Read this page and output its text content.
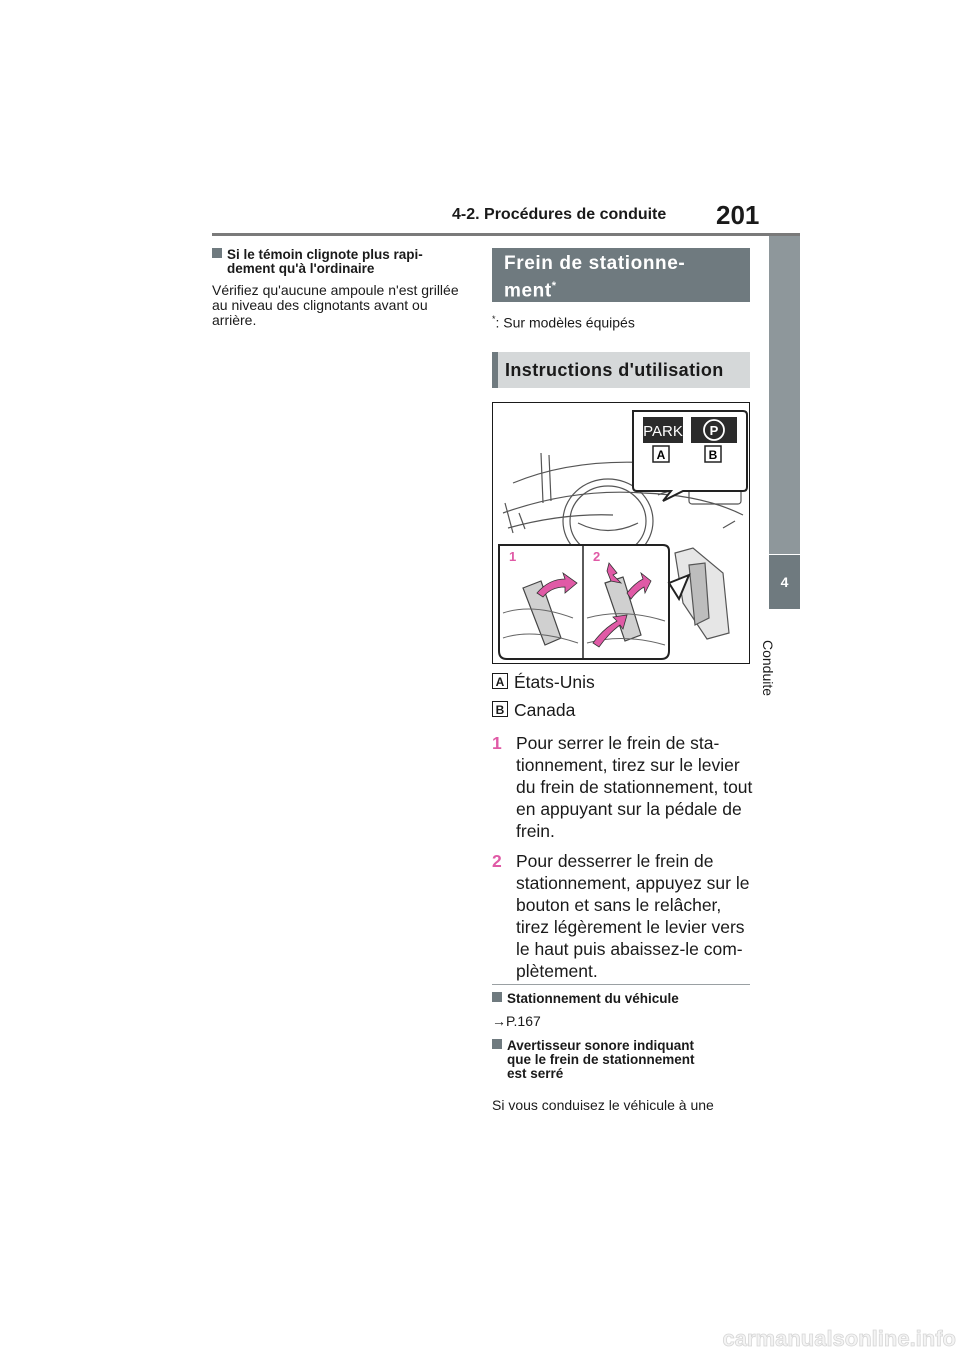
4-2. Procédures de conduite 201
4
Conduite
Si le témoin clignote plus rapi-
dement qu'à l'ordinaire
Vérifiez qu'aucune ampoule n'est grillée au niveau des clignotants avant ou arrière.
Frein de stationne-
ment*
*: Sur modèles équipés
Instructions d'utilisation
PARK P
A	B
1	2
A États-Unis
B Canada
1 Pour serrer le frein de sta-tionnement, tirez sur le levier du frein de stationnement, tout en appuyant sur la pédale de frein.
2 Pour desserrer le frein de stationnement, appuyez sur le bouton et sans le relâcher, tirez légèrement le levier vers le haut puis abaissez-le com-plètement.
Stationnement du véhicule
→P.167
Avertisseur sonore indiquant
que le frein de stationnement
est serré
Si vous conduisez le véhicule à une
carmanualsonline.info
